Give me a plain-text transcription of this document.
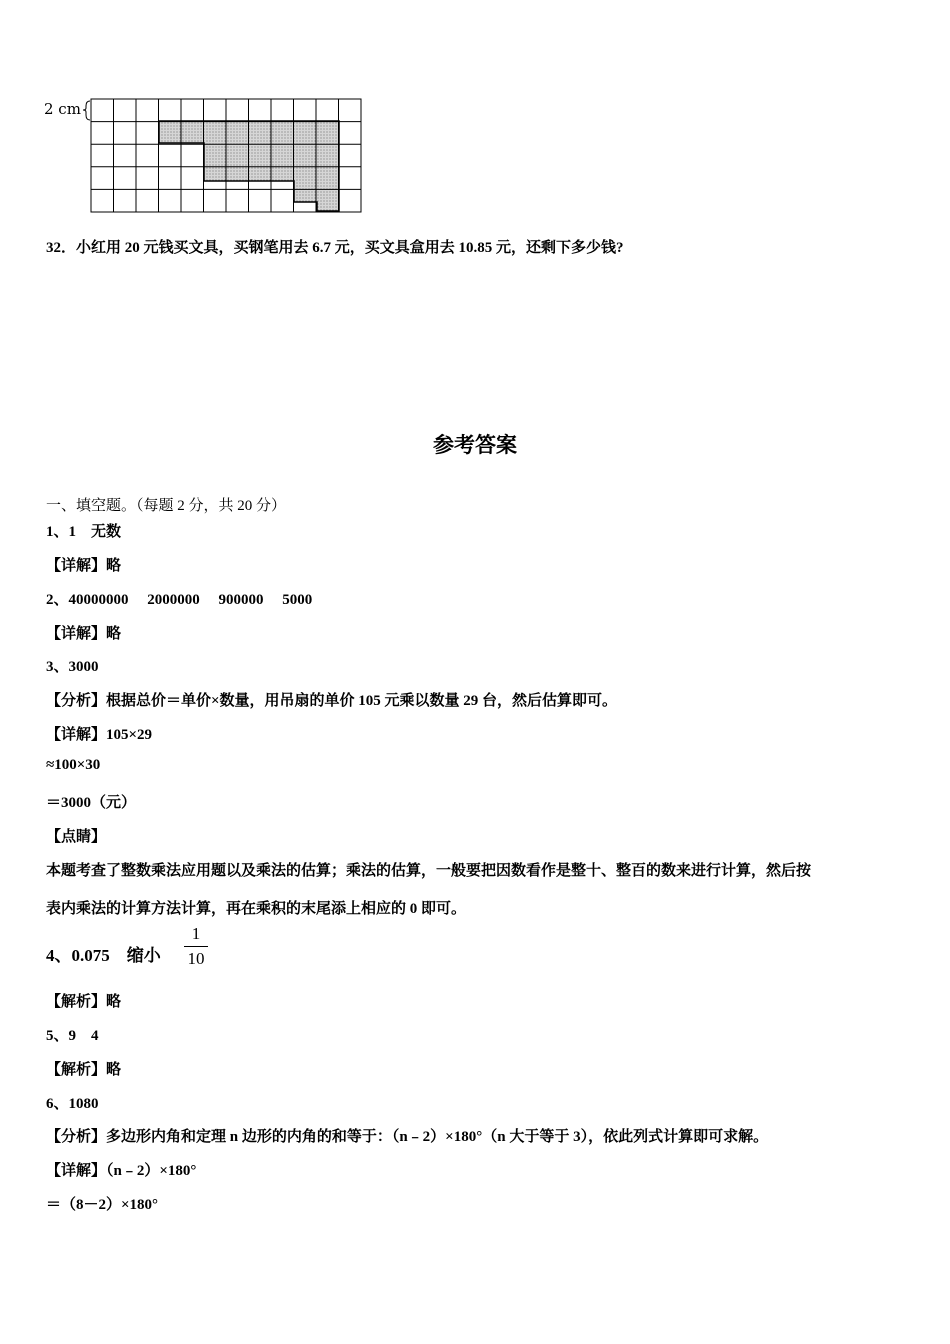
2 cm
32．小红用 20 元钱买文具，买钢笔用去 6.7 元，买文具盒用去 10.85 元，还剩下多少钱?
参考答案
一、填空题。（每题 2 分，共 20 分）
1、1　无数
【详解】略
2、40000000　 2000000　 900000　 5000
【详解】略
3、3000
【分析】根据总价＝单价×数量，用吊扇的单价 105 元乘以数量 29 台，然后估算即可。
【详解】105×29
≈100×30
＝3000（元）
【点睛】
本题考查了整数乘法应用题以及乘法的估算；乘法的估算，一般要把因数看作是整十、整百的数来进行计算，然后按
表内乘法的计算方法计算，再在乘积的末尾添上相应的 0 即可。
4、0.075　缩小
1
10
【解析】略
5、9　4
【解析】略
6、1080
【分析】多边形内角和定理 n 边形的内角的和等于：（n﹣2）×180°（n 大于等于 3），依此列式计算即可求解。
【详解】（n﹣2）×180°
＝（8－2）×180°
